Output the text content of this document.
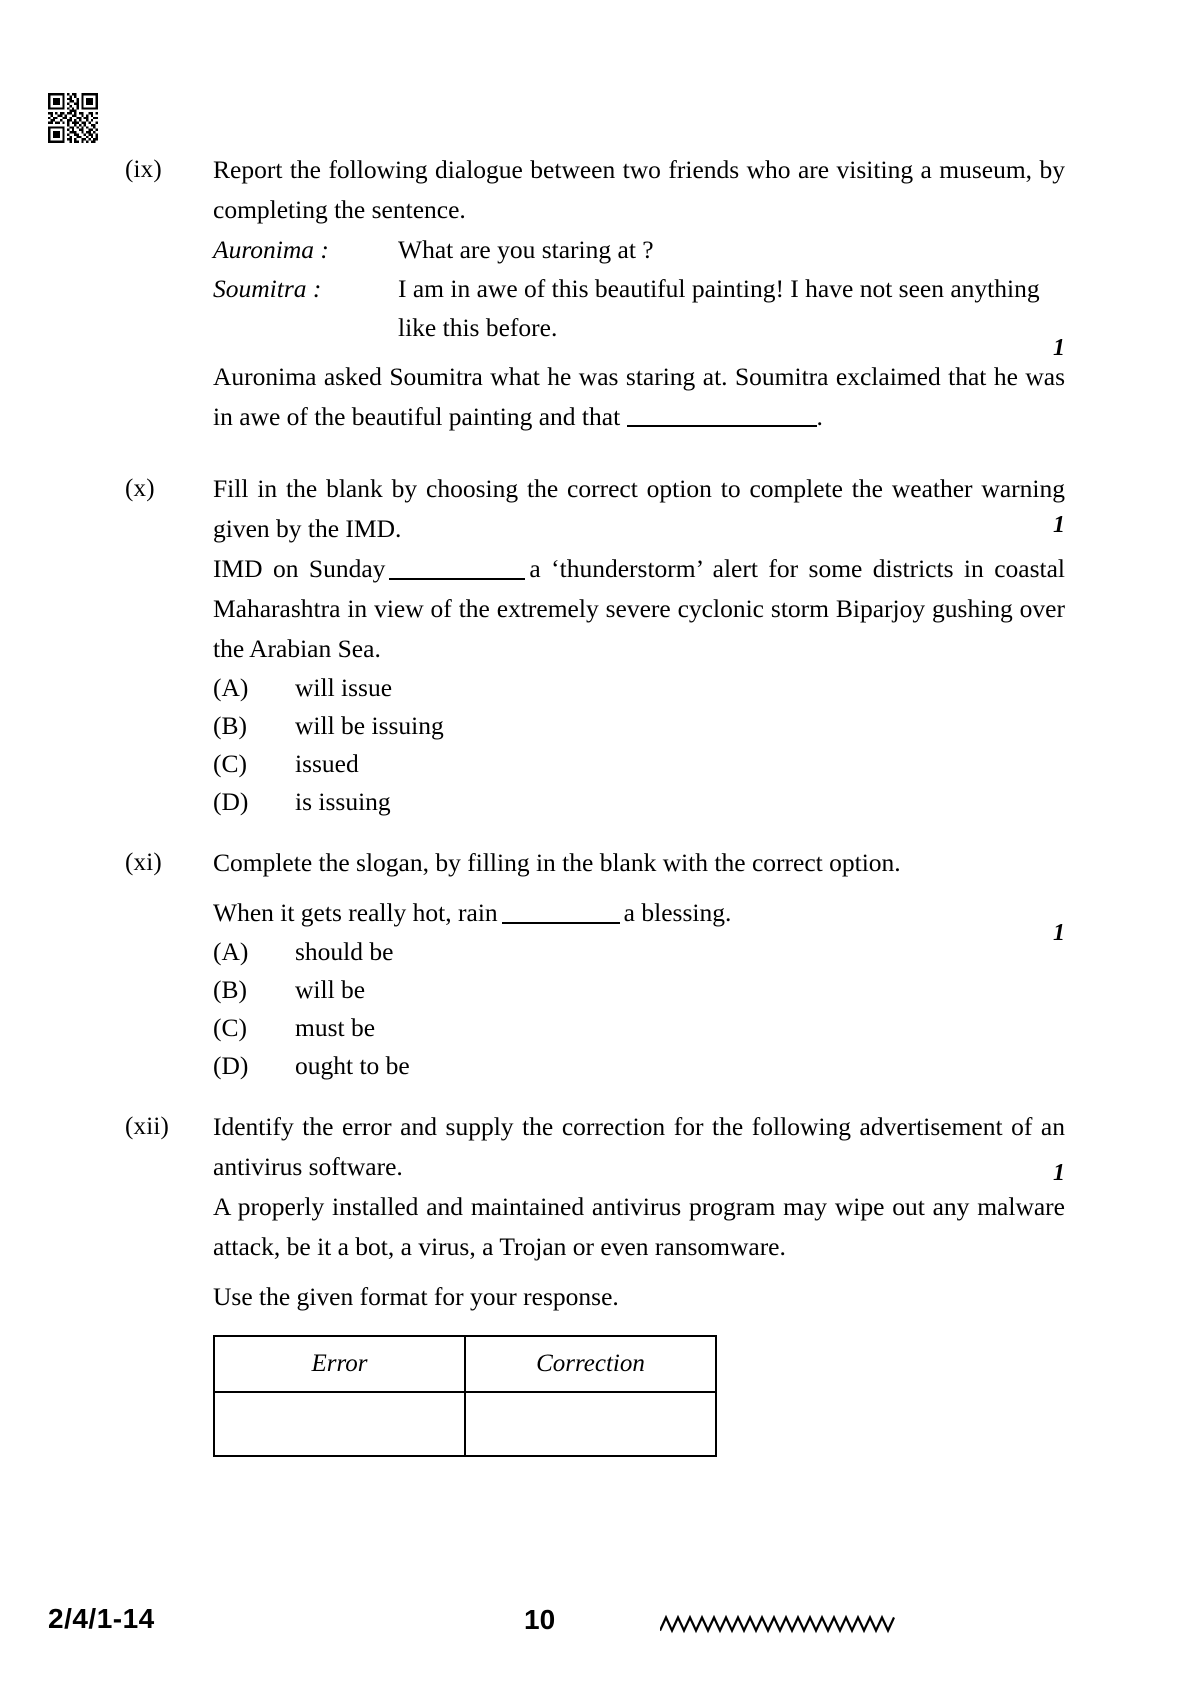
1
1
1
1
(ix)	Report the following dialogue between two friends who are visiting a museum, by completing the sentence.

Auronima :	What are you staring at ?
Soumitra :	I am in awe of this beautiful painting! I have not seen anything like this before.

Auronima asked Soumitra what he was staring at. Soumitra exclaimed that he was in awe of the beautiful painting and that	.

(x)	Fill in the blank by choosing the correct option to complete the weather warning given by the IMD.

IMD on Sunday	a ‘thunderstorm’ alert for some districts in coastal Maharashtra in view of the extremely severe cyclonic storm Biparjoy gushing over the Arabian Sea.

(A)	will issue
(B)	will be issuing
(C)	issued
(D)	is issuing
(xi)	Complete the slogan, by filling in the blank with the correct option.

When it gets really hot, rain	a blessing.

(A)	should be
(B)	will be
(C)	must be
(D)	ought to be
(xii)	Identify the error and supply the correction for the following advertisement of an antivirus software.

A properly installed and maintained antivirus program may wipe out any malware attack, be it a bot, a virus, a Trojan or even ransomware.

Use the given format for your response.

Error	Correction

2/4/1-14	10
